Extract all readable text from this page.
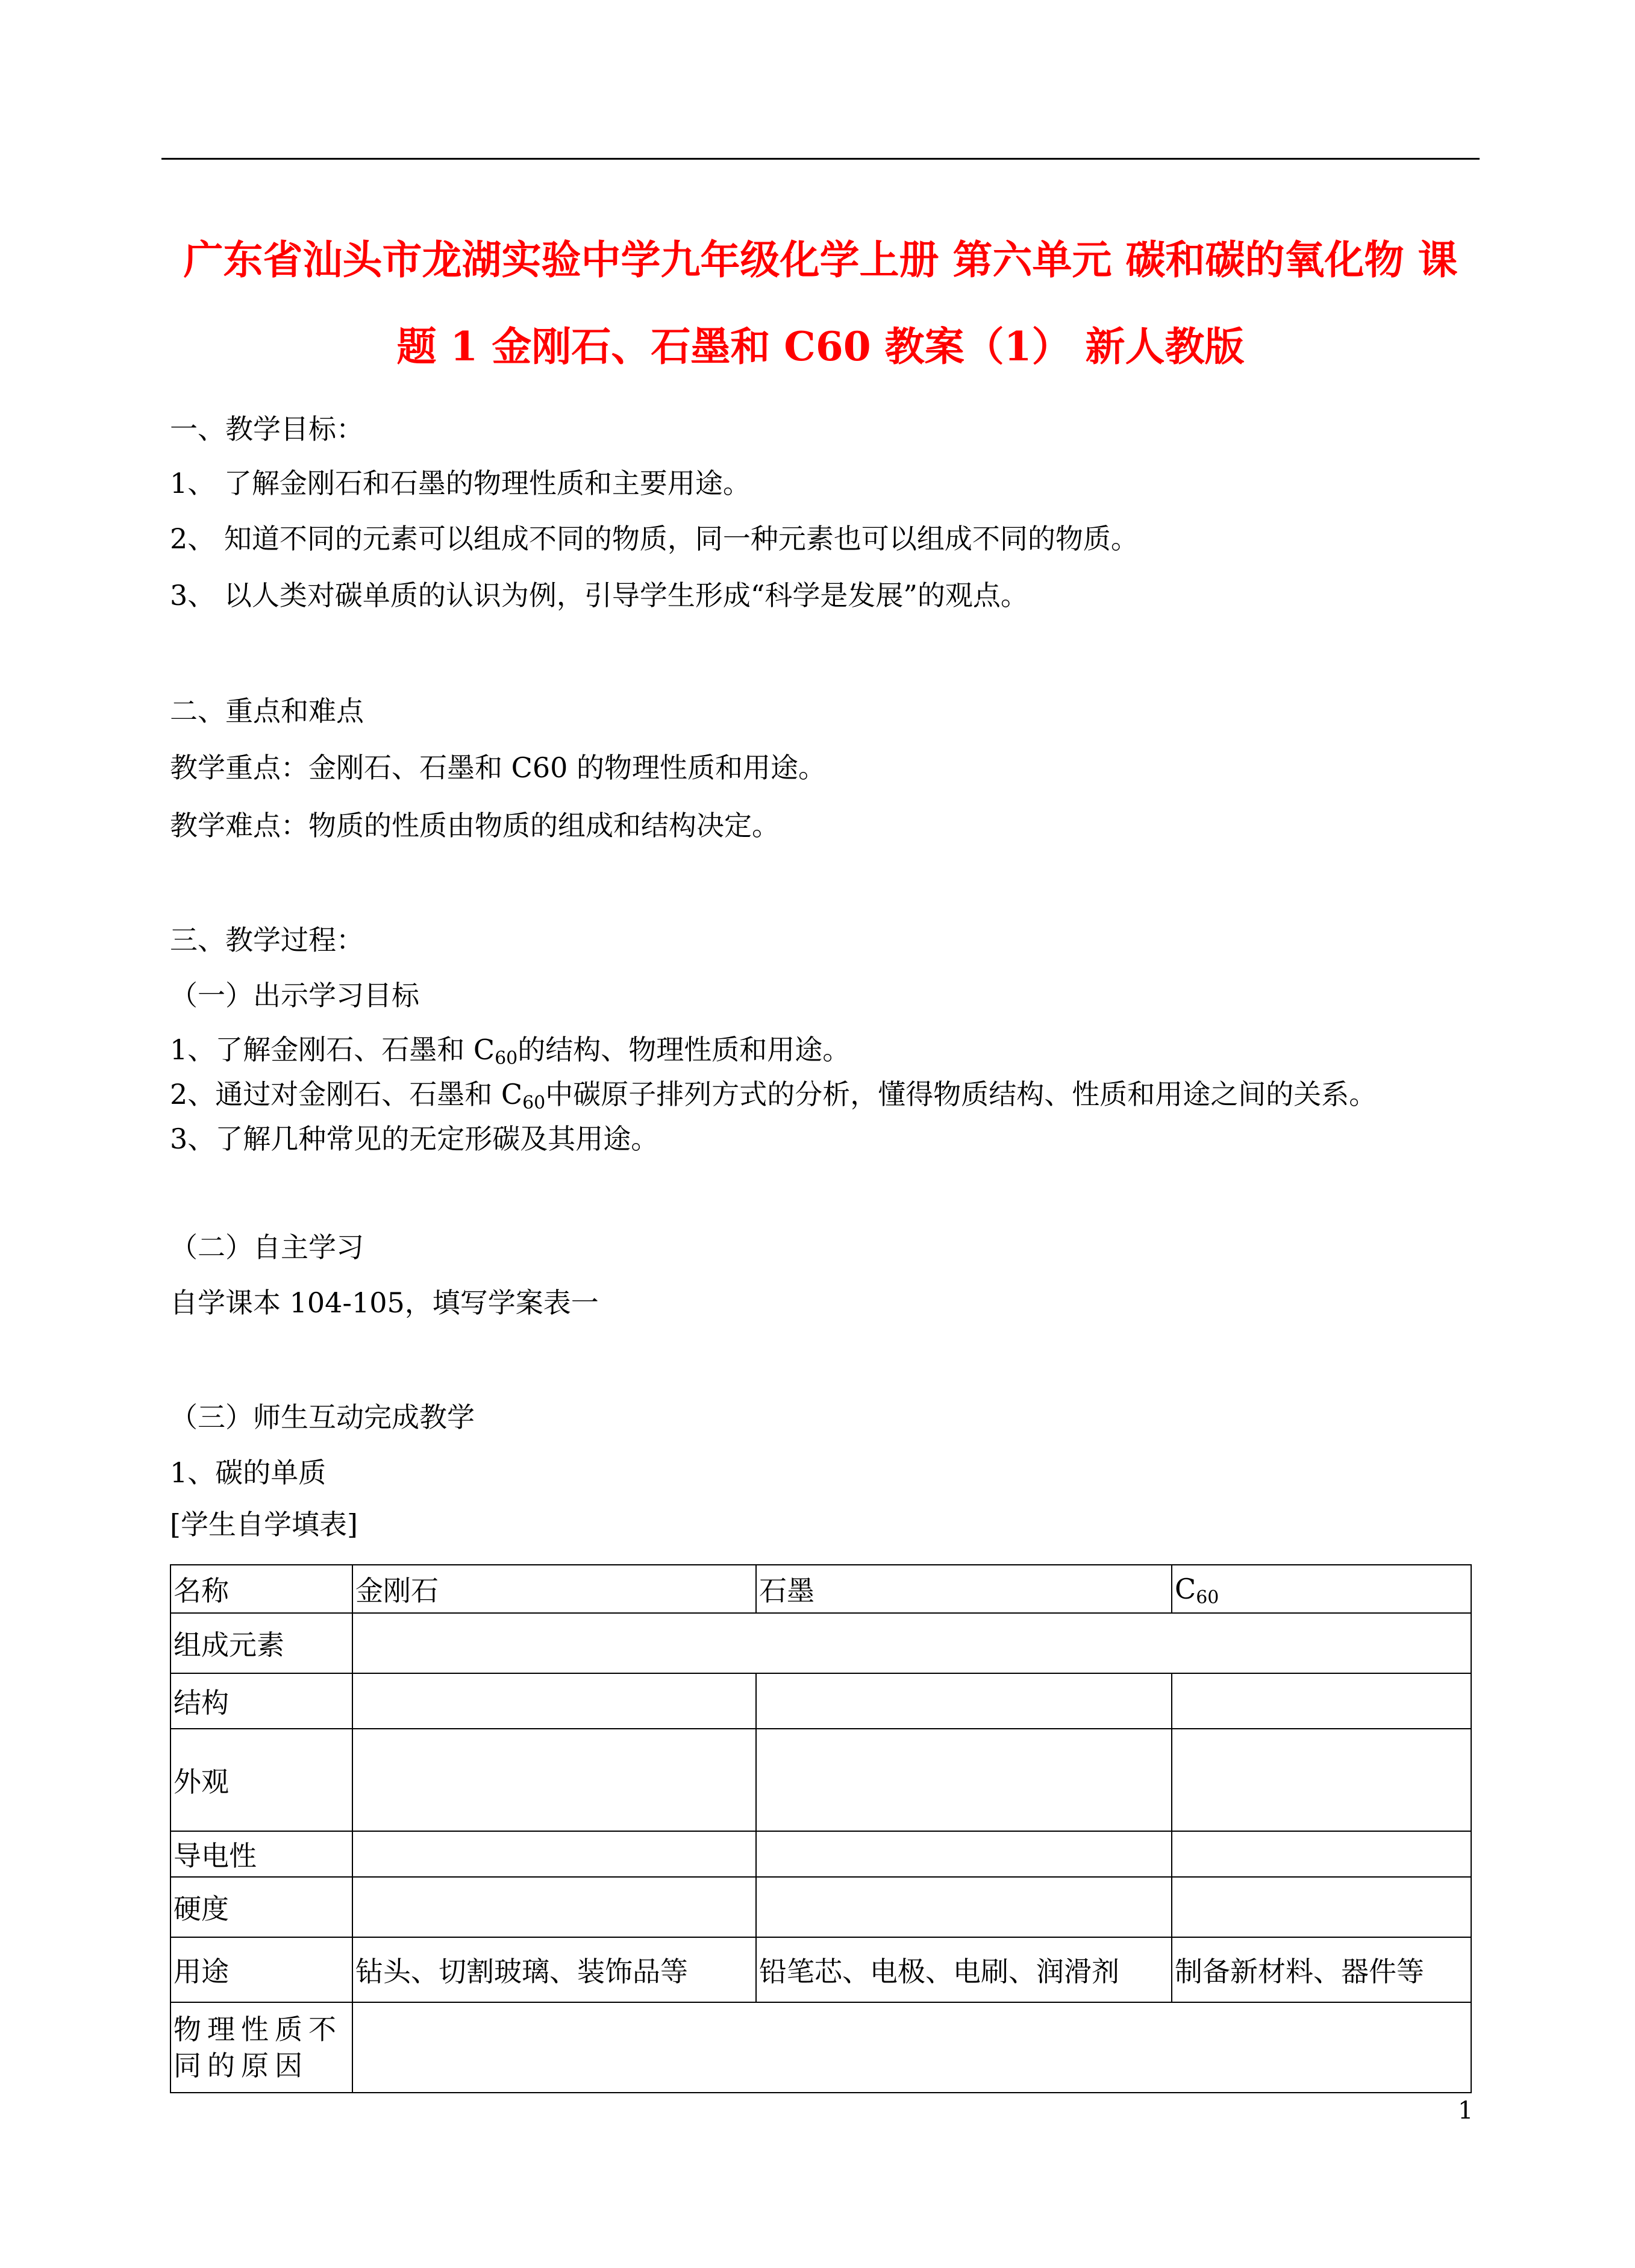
广东省汕头市龙湖实验中学九年级化学上册 第六单元 碳和碳的氧化物 课
题 1 金刚石、石墨和 C60 教案（1） 新人教版
一、教学目标：
1、 了解金刚石和石墨的物理性质和主要用途。
2、 知道不同的元素可以组成不同的物质，同一种元素也可以组成不同的物质。
3、 以人类对碳单质的认识为例，引导学生形成“科学是发展”的观点。
二、重点和难点
教学重点：金刚石、石墨和 C60 的物理性质和用途。
教学难点：物质的性质由物质的组成和结构决定。
三、教学过程：
（一）出示学习目标
1、了解金刚石、石墨和 $C_{60}$的结构、物理性质和用途。
2、通过对金刚石、石墨和 $C_{60}$中碳原子排列方式的分析，懂得物质结构、性质和用途之间的关系。
3、了解几种常见的无定形碳及其用途。
（二）自主学习
自学课本 104-105，填写学案表一
（三）师生互动完成教学
1、碳的单质
[学生自学填表]
名称	金刚石	石墨	$C_{60}$
组成元素			
结构			
外观			
导电性			
硬度			
用途	钻头、切割玻璃、装饰品等	铅笔芯、电极、电刷、润滑剂	制备新材料、器件等
物理性质不同的原因			
1
